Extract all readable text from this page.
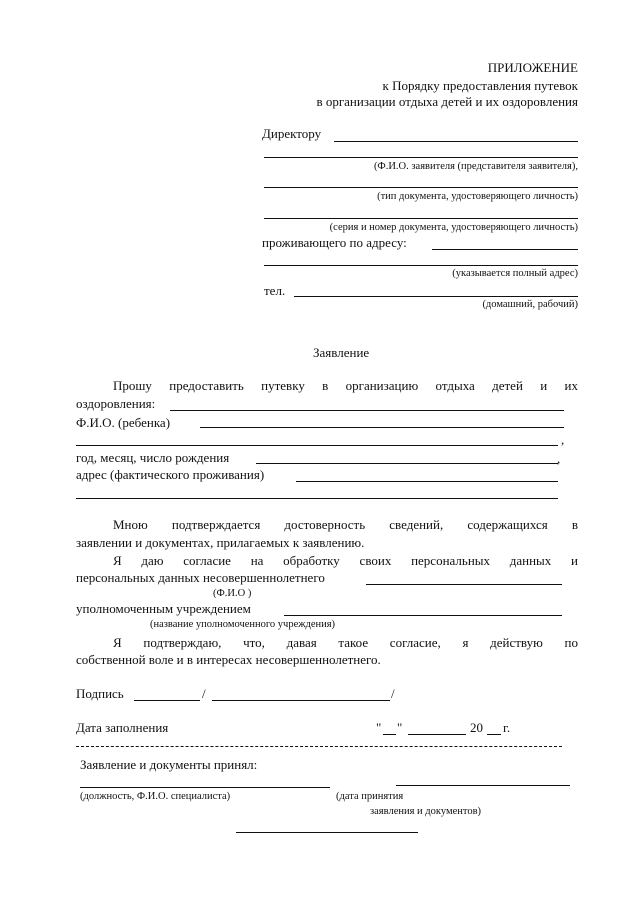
ПРИЛОЖЕНИЕ
к Порядку предоставления путевок
в организации отдыха детей и их оздоровления
Директору
(Ф.И.О. заявителя (представителя заявителя),
(тип документа, удостоверяющего личность)
(серия и номер документа, удостоверяющего личность)
проживающего по адресу:
(указывается полный адрес)
тел.
(домашний, рабочий)
Заявление
Прошу предоставить путевку в организацию отдыха детей и их
оздоровления:
Ф.И.О. (ребенка)
,
год, месяц, число рождения	,
адрес (фактического проживания)
Мною подтверждается достоверность сведений, содержащихся в
заявлении и документах, прилагаемых к заявлению.
Я даю согласие на обработку своих персональных данных и
персональных данных несовершеннолетнего
(Ф.И.О )
уполномоченным учреждением
(название уполномоченного учреждения)
Я подтверждаю, что, давая такое согласие, я действую по
собственной воле и в интересах несовершеннолетнего.
Подпись	/	/
Дата заполнения	" "	20 г.
Заявление и документы принял:
(должность, Ф.И.О. специалиста)	(дата принятия
заявления и документов)
